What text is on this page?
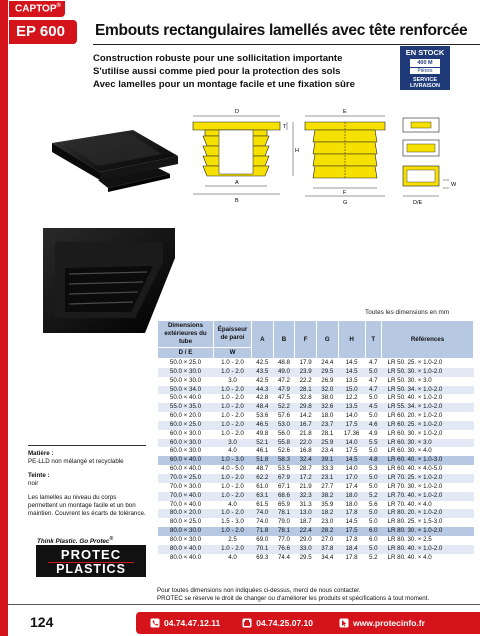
CAPTOP®
EP 600	Embouts rectangulaires lamellés avec tête renforcée
Construction robuste pour une sollicitation importante
S'utilise aussi comme pied pour la protection des sols
Avec lamelles pour un montage facile et une fixation sûre
EN STOCK
400 M
Pièces
SERVICE LIVRAISON
D
T
H
A
B
E
G
F
W
D/E
Toutes les dimensions en mm
Dimensions extérieures du tube	Épaisseur de paroi	A	B	F	G	H	T	Références
D / E	W							
50.0 × 25.0	1.0 - 2.0	42.5	48.8	17.9	24.4	14.5	4.7	LR 50. 25. × 1.0-2.0
50.0 × 30.0	1.0 - 2.0	43.5	49.0	23.9	29.5	14.5	5.0	LR 50. 30. × 1.0-2.0
50.0 × 30.0	3.0	42.5	47.2	22.2	26.9	13.5	4.7	LR 50. 30. × 3.0
50.0 × 34.0	1.0 - 2.0	44.3	47.9	28.1	32.0	15.0	4.7	LR 50. 34. × 1.0-2.0
50.0 × 40.0	1.0 - 2.0	42.8	47.5	32.8	38.0	12.2	5.0	LR 50. 40. × 1.0-2.0
55.0 × 35.0	1.0 - 2.0	48.4	52.2	29.8	32.6	13.5	4.5	LR 55. 34. × 1.0-2.0
60.0 × 20.0	1.0 - 2.0	53.6	57.6	14.2	18.0	14.0	5.0	LR 60. 20. × 1.0-2.0
60.0 × 25.0	1.0 - 2.0	46.5	53.0	16.7	23.7	17.5	4.6	LR 60. 25. × 1.0-2.0
60.0 × 30.0	1.0 - 2.0	49.8	56.0	21.8	28.1	17.36	4.9	LR 60. 30. × 1.0-2.0
60.0 × 30.0	3.0	52.1	55.8	22.0	25.9	14.0	5.5	LR 60. 30. × 3.0
60.0 × 30.0	4.0	46.1	52.6	16.8	23.4	17.5	5.0	LR 60. 30. × 4.0
60.0 × 40.0	1.0 - 3.0	51.8	58.3	32.4	39.1	14.5	4.8	LR 60. 40. × 1.0-3.0
60.0 × 40.0	4.0 - 5.0	48.7	53.5	28.7	33.3	14.0	5.3	LR 60. 40. × 4.0-5.0
70.0 × 25.0	1.0 - 2.0	62.2	67.9	17.2	23.1	17.0	5.0	LR 70. 25. × 1.0-2.0
70.0 × 30.0	1.0 - 2.0	61.0	67.1	21.9	27.7	17.4	5.0	LR 70. 30. × 1.0-2.0
70.0 × 40.0	1.0 - 2.0	63.1	68.6	32.3	38.2	18.0	5.2	LR 70. 40. × 1.0-2.0
70.0 × 40.0	4.0	61.5	65.9	31.3	35.9	18.0	5.6	LR 70. 40. × 4.0
80.0 × 20.0	1.0 - 2.0	74.0	78.1	13.0	18.2	17.8	5.0	LR 80. 20. × 1.0-2.0
80.0 × 25.0	1.5 - 3.0	74.0	79.0	18.7	23.0	14.5	5.0	LR 80. 25. × 1.5-3.0
80.0 × 30.0	1.0 - 2.0	71.8	78.1	22.4	28.2	17.5	6.0	LR 80. 30. × 1.0-2.0
80.0 × 30.0	2.5	69.0	77.0	29.0	27.0	17.8	6.0	LR 80. 30. × 2.5
80.0 × 40.0	1.0 - 2.0	70.1	76.6	33.0	37.8	18.4	5.0	LR 80. 40. × 1.0-2.0
80.0 × 40.0	4.0	69.3	74.4	29.5	34.4	17.8	5.2	LR 80. 40. × 4.0
Pour toutes dimensions non indiquées ci-dessus, merci de nous contacter.
PROTEC se réserve le droit de changer ou d'améliorer les produits et spécifications à tout moment.

Matière :
PE-LLD non mélangé et recyclable

Teinte :
noir

Les lamelles au niveau du corps permettent un montage facile et un bon maintien. Couvrent les écarts de tolérance.

Think Plastic. Go Protec®
PROTEC
PLASTICS
124	04.74.47.12.11	04.74.25.07.10	www.protecinfo.fr
